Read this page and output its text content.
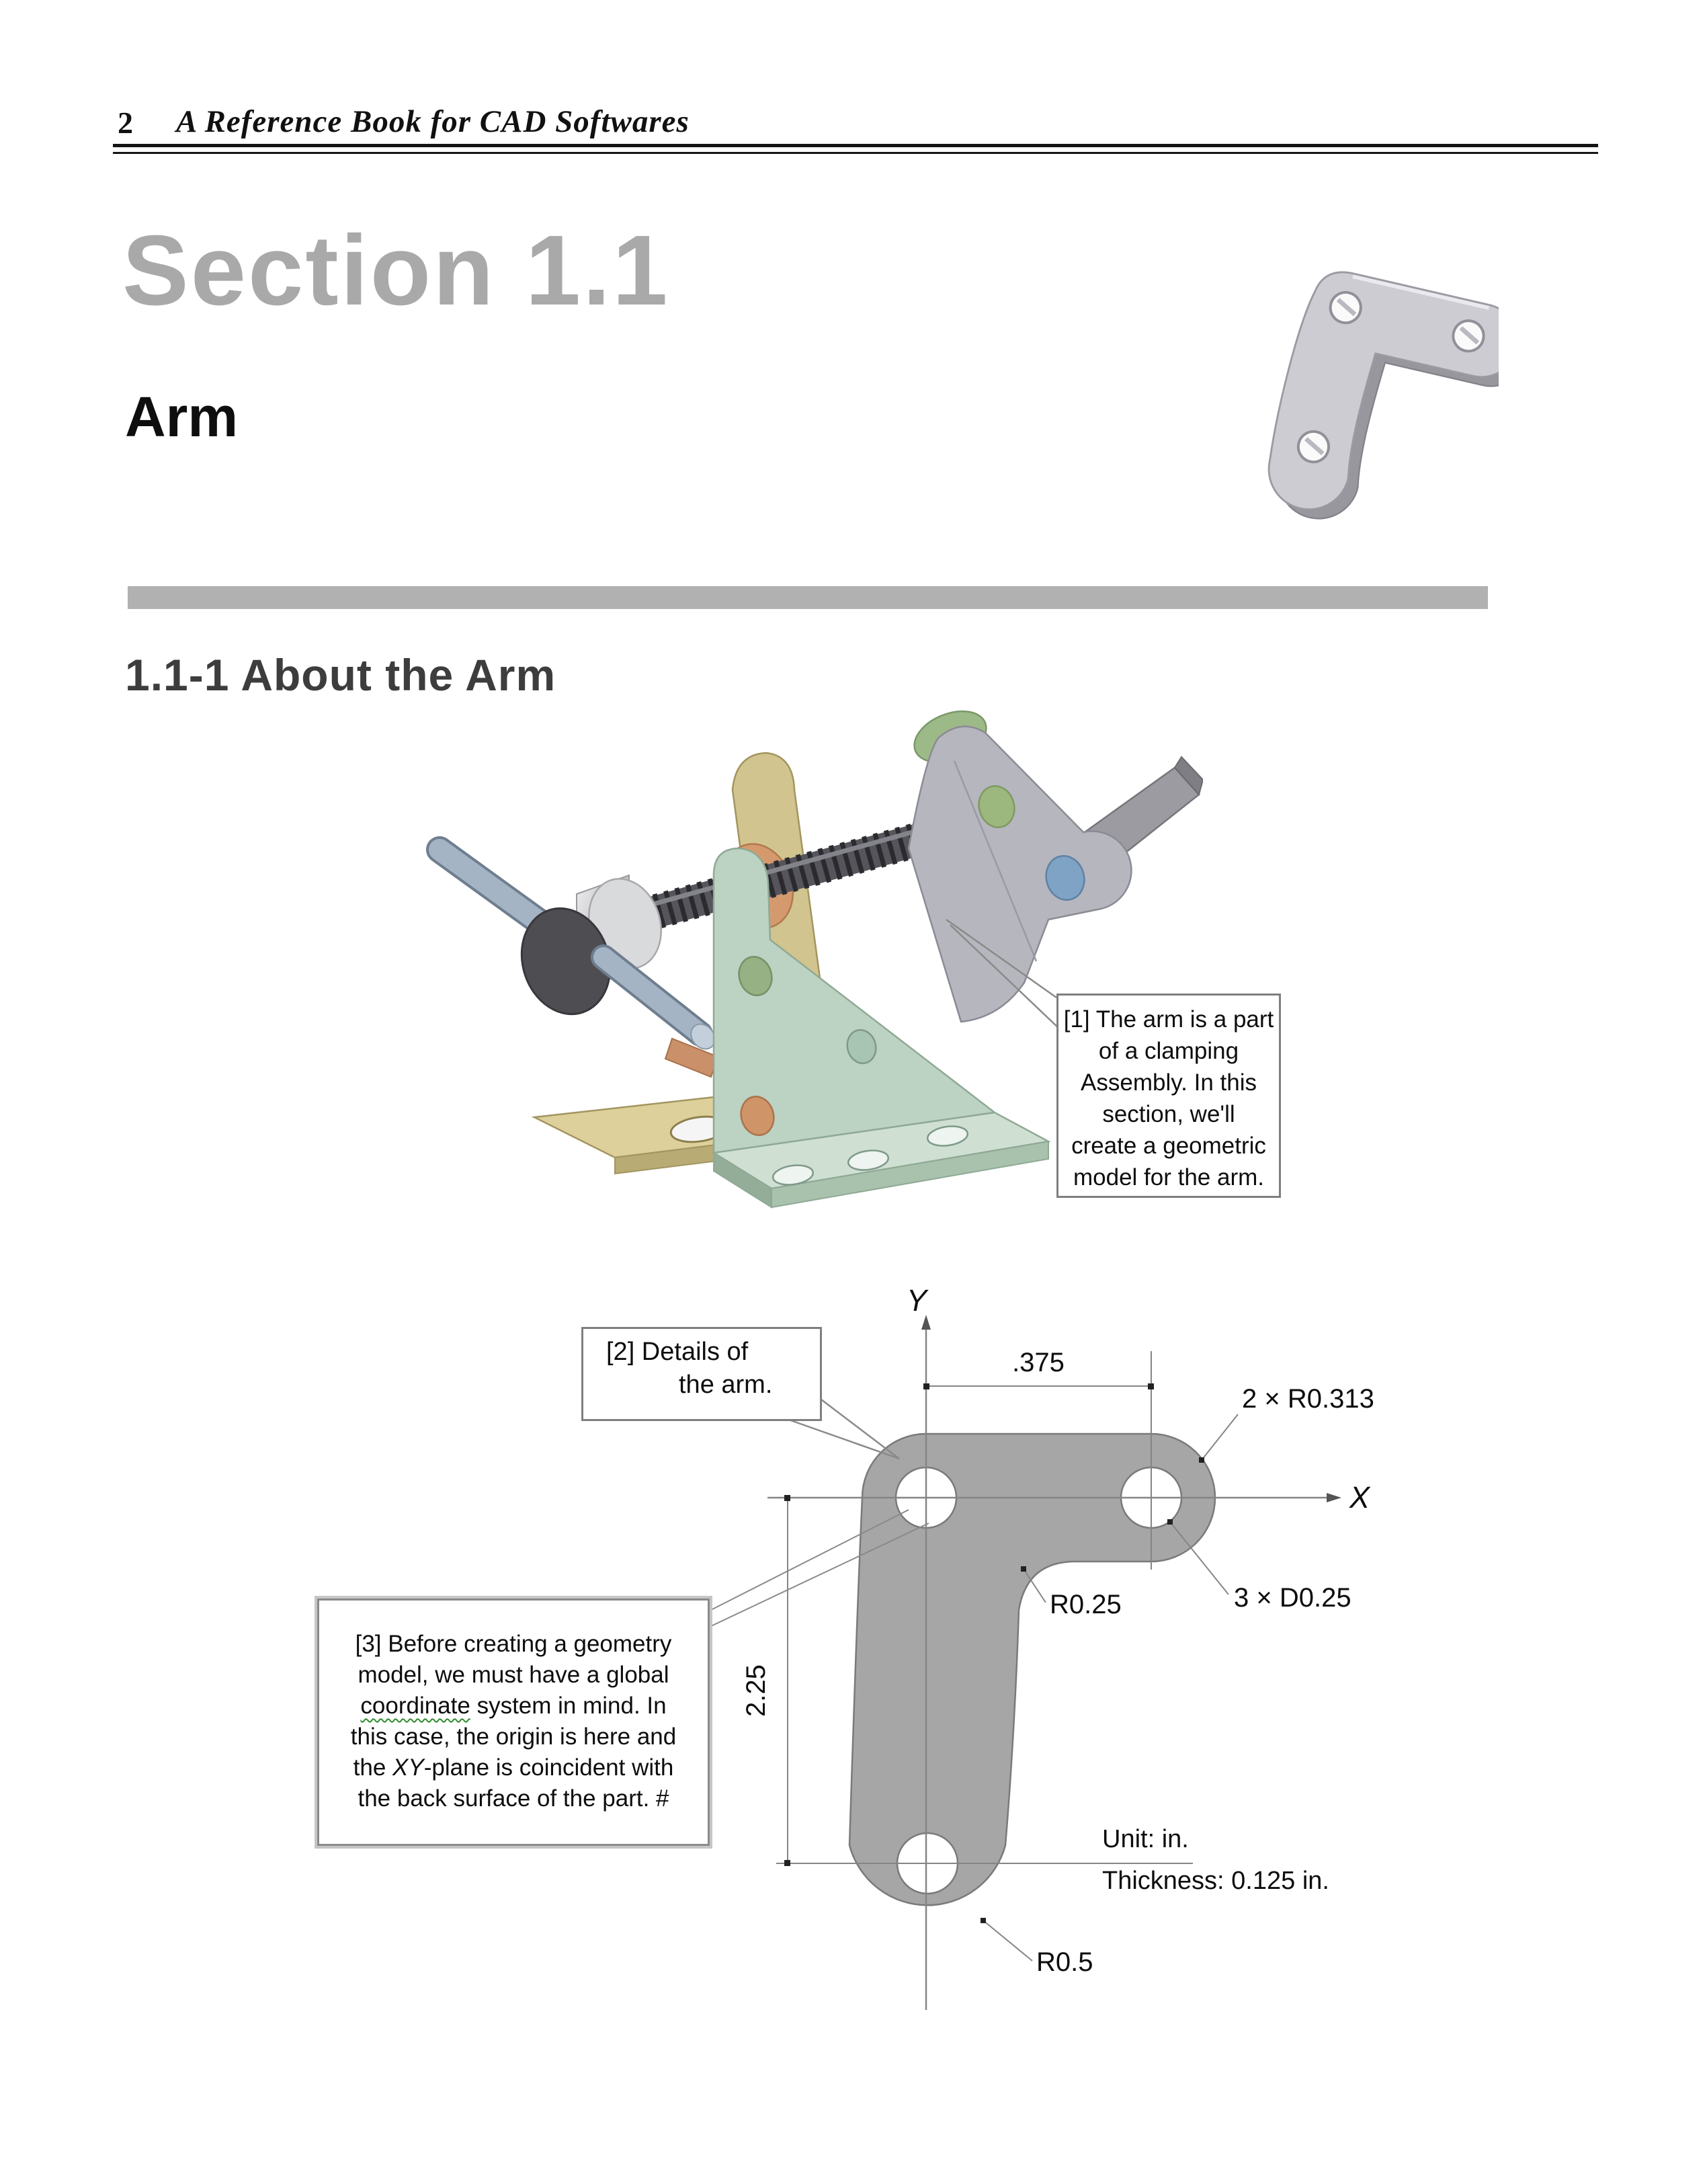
2 A Reference Book for CAD Softwares
Section 1.1
Arm
1.1-1 About the Arm
Y
X
.375
2.25
2 × R0.313
3 × D0.25
R0.25
R0.5
Unit: in.
Thickness: 0.125 in.
[1] The arm is a part
of a clamping
Assembly. In this
section, we'll
create a geometric
model for the arm.
[2] Details of
the arm.
[3] Before creating a geometry
model, we must have a global
coordinate system in mind. In
this case, the origin is here and
the XY-plane is coincident with
the back surface of the part. #
